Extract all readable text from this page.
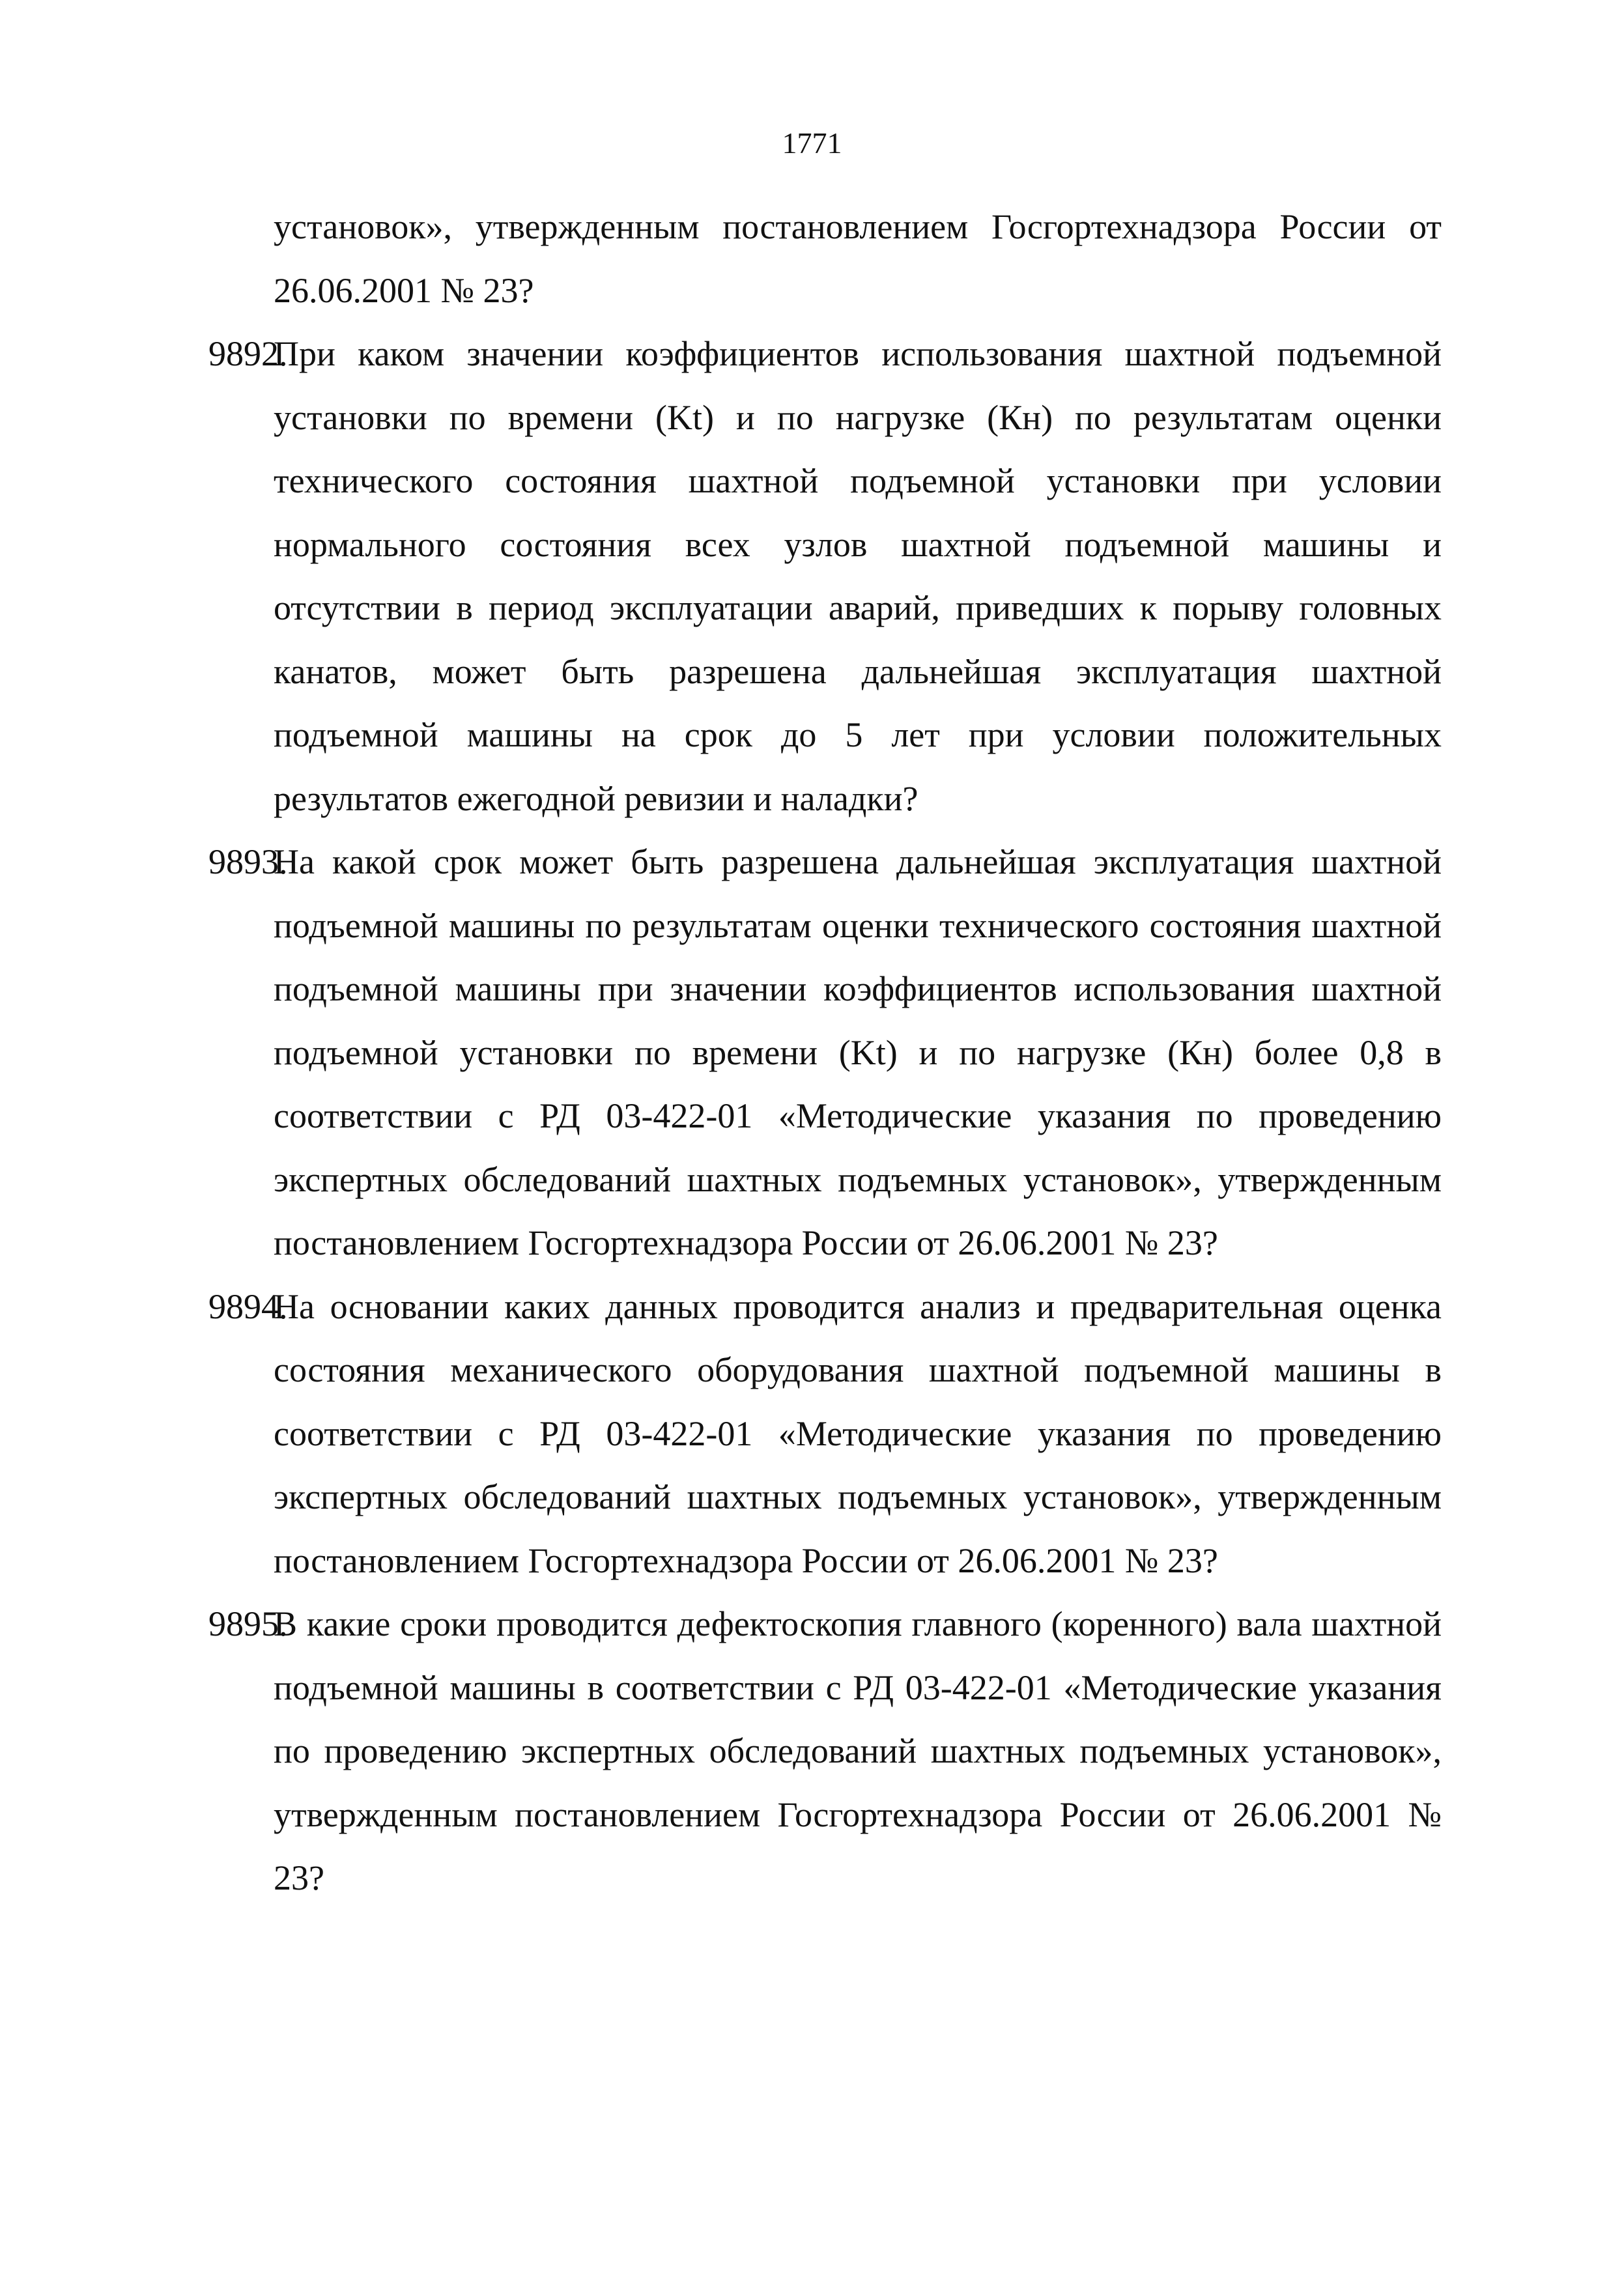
1771

установок», утвержденным постановлением Госгортехнадзора России от 26.06.2001 № 23?

9892.
При каком значении коэффициентов использования шахтной подъемной установки по времени (Kt) и по нагрузке (Кн) по результатам оценки технического состояния шахтной подъемной установки при условии нормального состояния всех узлов шахтной подъемной машины и отсутствии в период эксплуатации аварий, приведших к порыву головных канатов, может быть разрешена дальнейшая эксплуатация шахтной подъемной машины на срок до 5 лет при условии положительных результатов ежегодной ревизии и наладки?

9893.
На какой срок может быть разрешена дальнейшая эксплуатация шахтной подъемной машины по результатам оценки технического состояния шахтной подъемной машины при значении коэффициентов использования шахтной подъемной установки по времени (Kt) и по нагрузке (Кн) более 0,8 в соответствии с РД 03-422-01 «Методические указания по проведению экспертных обследований шахтных подъемных установок», утвержденным постановлением Госгортехнадзора России от 26.06.2001 № 23?

9894.
На основании каких данных проводится анализ и предварительная оценка состояния механического оборудования шахтной подъемной машины в соответствии с РД 03-422-01 «Методические указания по проведению экспертных обследований шахтных подъемных установок», утвержденным постановлением Госгортехнадзора России от 26.06.2001 № 23?

9895.
В какие сроки проводится дефектоскопия главного (коренного) вала шахтной подъемной машины в соответствии с РД 03-422-01 «Методические указания по проведению экспертных обследований шахтных подъемных установок», утвержденным постановлением Госгортехнадзора России от 26.06.2001 № 23?
